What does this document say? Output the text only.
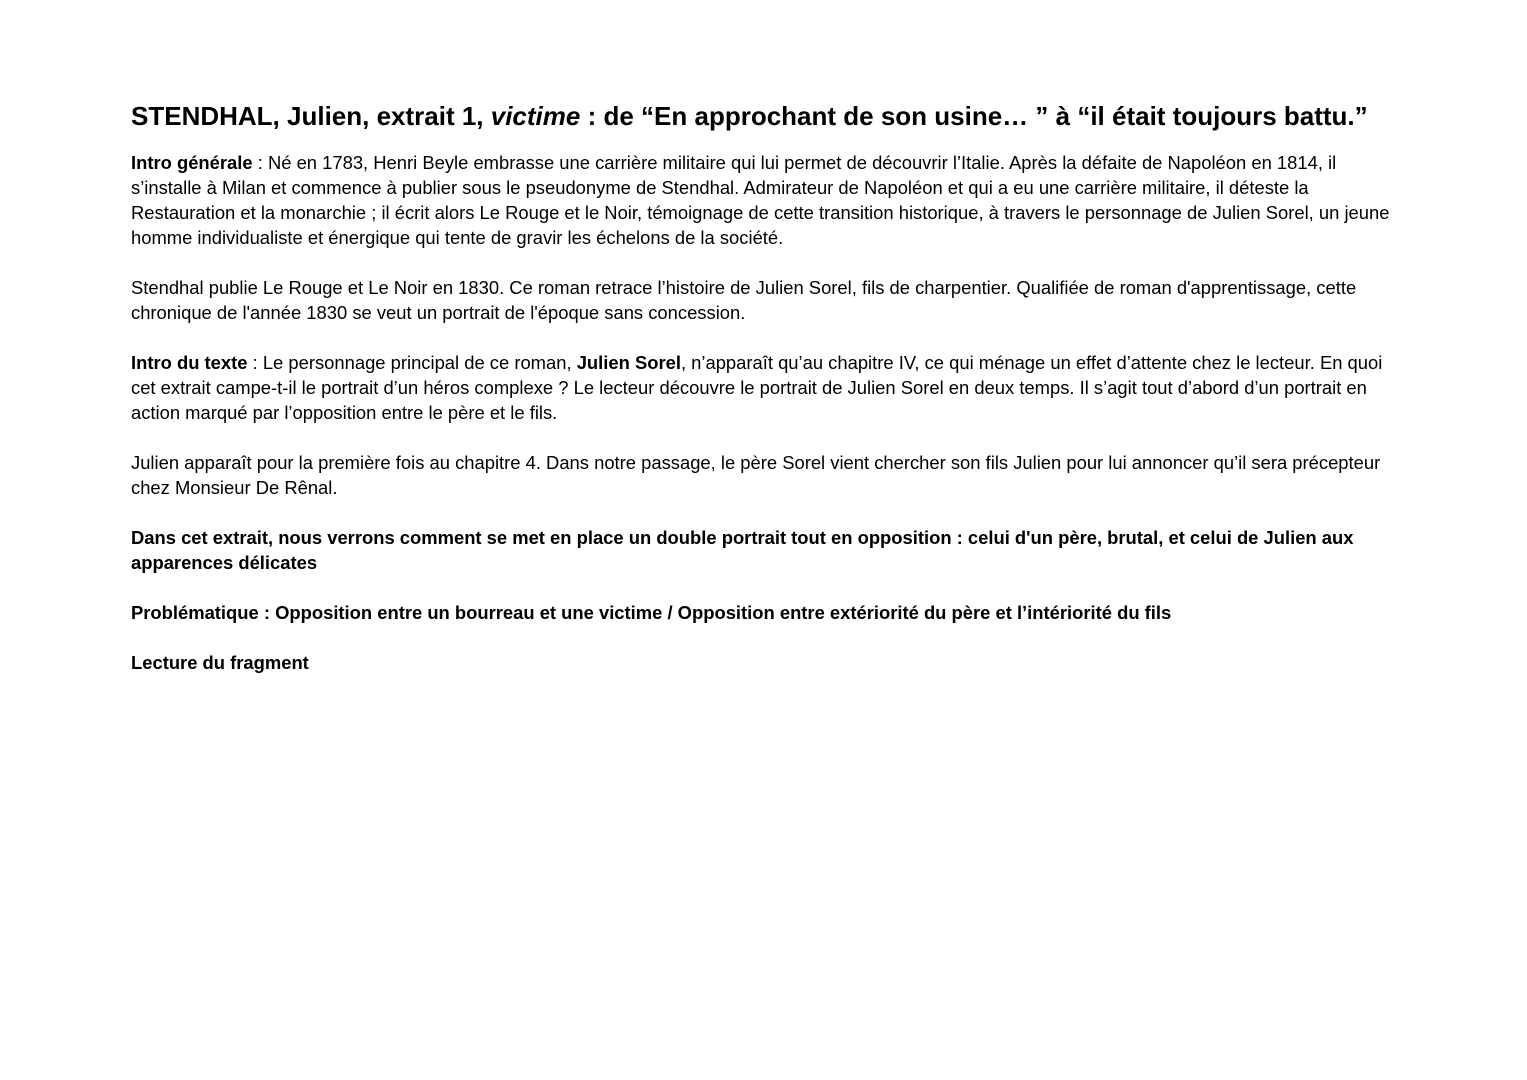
STENDHAL, Julien, extrait 1, victime : de “En approchant de son usine… ” à “il était toujours battu.”

Intro générale : Né en 1783, Henri Beyle embrasse une carrière militaire qui lui permet de découvrir l’Italie. Après la défaite de Napoléon en 1814, il s’installe à Milan et commence à publier sous le pseudonyme de Stendhal. Admirateur de Napoléon et qui a eu une carrière militaire, il déteste la Restauration et la monarchie ; il écrit alors Le Rouge et le Noir, témoignage de cette transition historique, à travers le personnage de Julien Sorel, un jeune homme individualiste et énergique qui tente de gravir les échelons de la société.

Stendhal publie Le Rouge et Le Noir en 1830. Ce roman retrace l’histoire de Julien Sorel, fils de charpentier. Qualifiée de roman d'apprentissage, cette chronique de l'année 1830 se veut un portrait de l'époque sans concession.

Intro du texte : Le personnage principal de ce roman, Julien Sorel, n’apparaît qu’au chapitre IV, ce qui ménage un effet d’attente chez le lecteur. En quoi cet extrait campe-t-il le portrait d’un héros complexe ? Le lecteur découvre le portrait de Julien Sorel en deux temps. Il s’agit tout d’abord d’un portrait en action marqué par l’opposition entre le père et le fils.

Julien apparaît pour la première fois au chapitre 4. Dans notre passage, le père Sorel vient chercher son fils Julien pour lui annoncer qu’il sera précepteur chez Monsieur De Rênal.

Dans cet extrait, nous verrons comment se met en place un double portrait tout en opposition : celui d'un père, brutal, et celui de Julien aux apparences délicates

Problématique : Opposition entre un bourreau et une victime / Opposition entre extériorité du père et l’intériorité du fils

Lecture du fragment
